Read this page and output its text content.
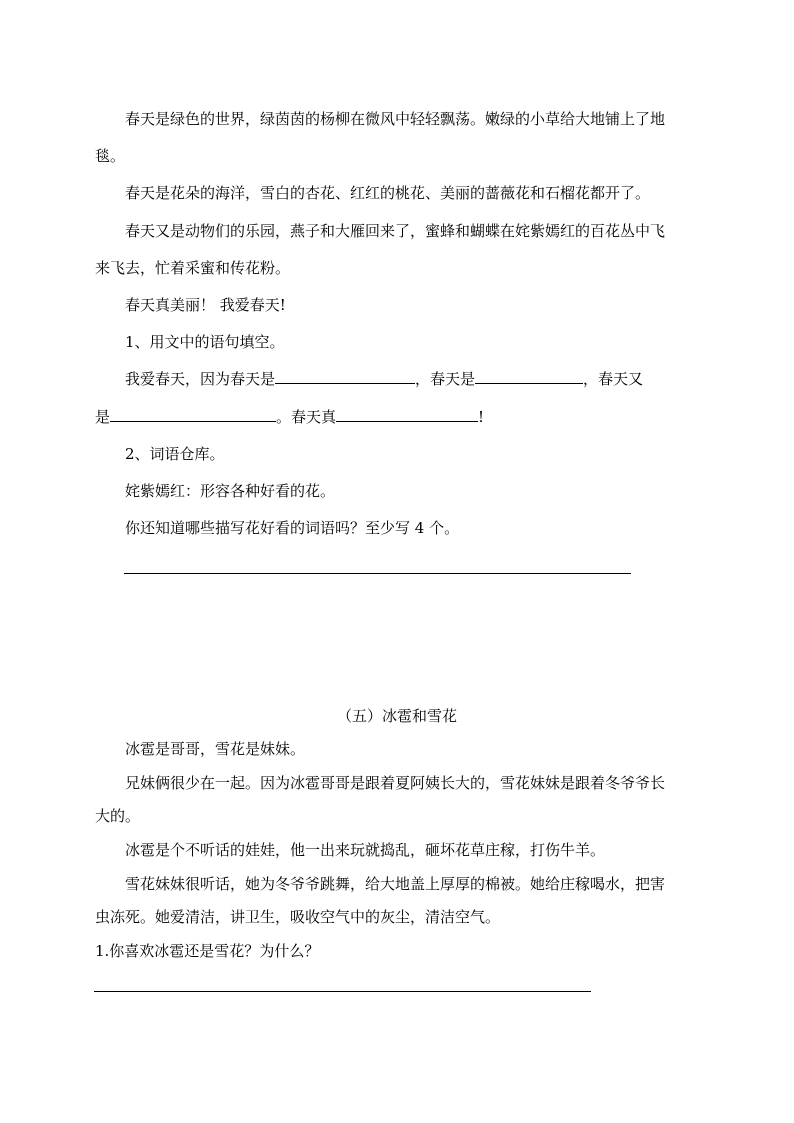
春天是绿色的世界，绿茵茵的杨柳在微风中轻轻飘荡。嫩绿的小草给大地铺上了地
毯。
春天是花朵的海洋，雪白的杏花、红红的桃花、美丽的蔷薇花和石榴花都开了。
春天又是动物们的乐园，燕子和大雁回来了，蜜蜂和蝴蝶在姹紫嫣红的百花丛中飞
来飞去，忙着采蜜和传花粉。
春天真美丽！ 我爱春天!
1、用文中的语句填空。
我爱春天，因为春天是	，春天是	，春天又
是	。春天真	!
2、词语仓库。
姹紫嫣红：形容各种好看的花。
你还知道哪些描写花好看的词语吗？至少写 4 个。
（五）冰雹和雪花
冰雹是哥哥，雪花是妹妹。
兄妹俩很少在一起。因为冰雹哥哥是跟着夏阿姨长大的，雪花妹妹是跟着冬爷爷长
大的。
冰雹是个不听话的娃娃，他一出来玩就捣乱，砸坏花草庄稼，打伤牛羊。
雪花妹妹很听话，她为冬爷爷跳舞，给大地盖上厚厚的棉被。她给庄稼喝水，把害
虫冻死。她爱清洁，讲卫生，吸收空气中的灰尘，清洁空气。
1.你喜欢冰雹还是雪花？为什么？
